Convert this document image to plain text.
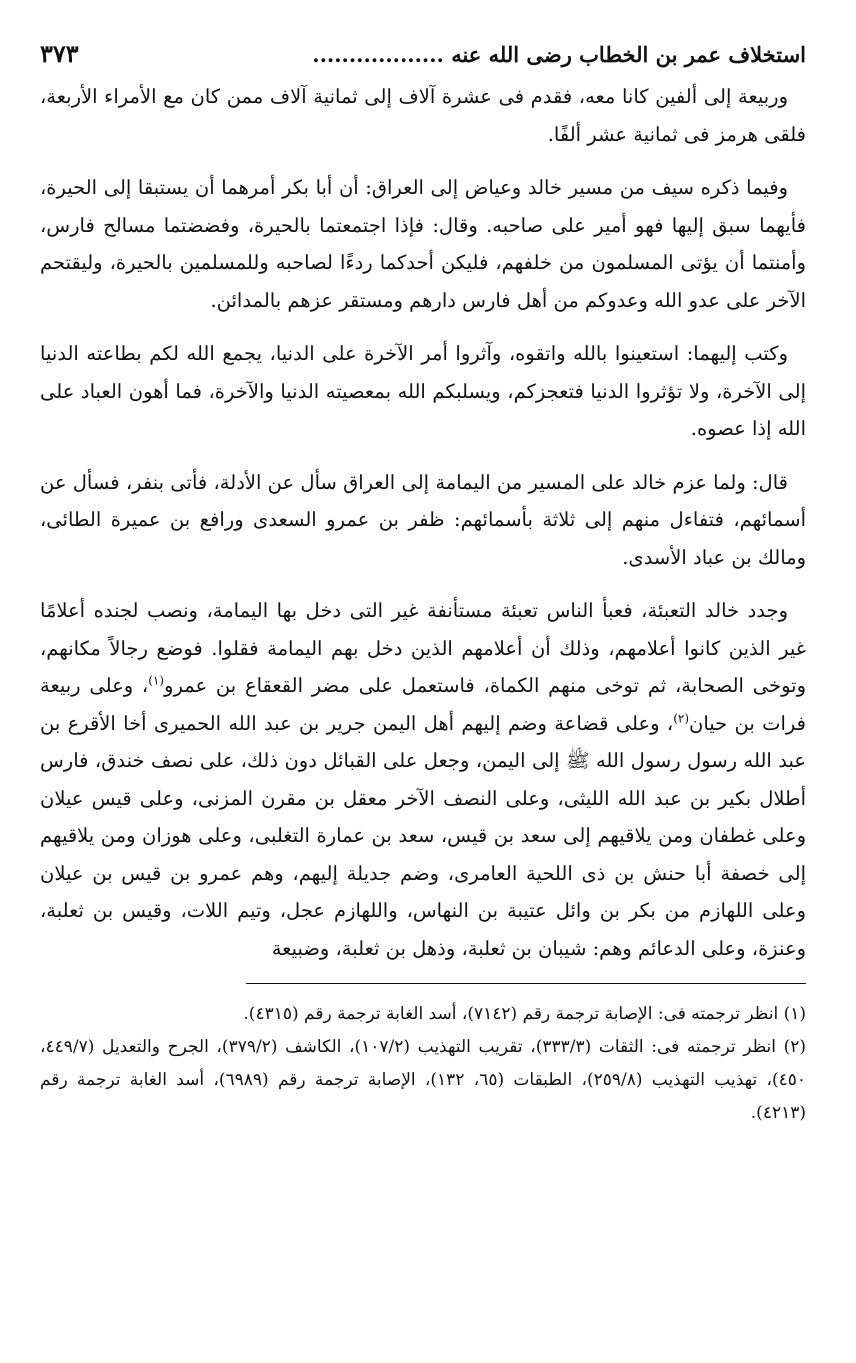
استخلاف عمر بن الخطاب رضى الله عنه ..................
٣٧٣

وربيعة إلى ألفين كانا معه، فقدم فى عشرة آلاف إلى ثمانية آلاف ممن كان مع الأمراء الأربعة، فلقى هرمز فى ثمانية عشر ألفًا.

وفيما ذكره سيف من مسير خالد وعياض إلى العراق: أن أبا بكر أمرهما أن يستبقا إلى الحيرة، فأيهما سبق إليها فهو أمير على صاحبه. وقال: فإذا اجتمعتما بالحيرة، وفضضتما مسالح فارس، وأمنتما أن يؤتى المسلمون من خلفهم، فليكن أحدكما ردءًا لصاحبه وللمسلمين بالحيرة، وليقتحم الآخر على عدو الله وعدوكم من أهل فارس دارهم ومستقر عزهم بالمدائن.

وكتب إليهما: استعينوا بالله واتقوه، وآثروا أمر الآخرة على الدنيا، يجمع الله لكم بطاعته الدنيا إلى الآخرة، ولا تؤثروا الدنيا فتعجزكم، ويسلبكم الله بمعصيته الدنيا والآخرة، فما أهون العباد على الله إذا عصوه.

قال: ولما عزم خالد على المسير من اليمامة إلى العراق سأل عن الأدلة، فأتى بنفر، فسأل عن أسمائهم، فتفاءل منهم إلى ثلاثة بأسمائهم: ظفر بن عمرو السعدى ورافع بن عميرة الطائى، ومالك بن عباد الأسدى.

وجدد خالد التعبئة، فعبأ الناس تعبئة مستأنفة غير التى دخل بها اليمامة، ونصب لجنده أعلامًا غير الذين كانوا أعلامهم، وذلك أن أعلامهم الذين دخل بهم اليمامة فقلوا. فوضع رجالاً مكانهم، وتوخى الصحابة، ثم توخى منهم الكماة، فاستعمل على مضر القعقاع بن عمرو$^{(١)}$، وعلى ربيعة فرات بن حيان$^{(٢)}$، وعلى قضاعة وضم إليهم أهل اليمن جرير بن عبد الله الحميرى أخا الأقرع بن عبد الله رسول رسول الله ﷺ إلى اليمن، وجعل على القبائل دون ذلك، على نصف خندق، فارس أطلال بكير بن عبد الله الليثى، وعلى النصف الآخر معقل بن مقرن المزنى، وعلى قيس عيلان وعلى غطفان ومن يلاقيهم إلى سعد بن قيس، سعد بن عمارة التغلبى، وعلى هوزان ومن يلاقيهم إلى خصفة أبا حنش بن ذى اللحية العامرى، وضم جديلة إليهم، وهم عمرو بن قيس بن عيلان وعلى اللهازم من بكر بن وائل عتيبة بن النهاس، واللهازم عجل، وتيم اللات، وقيس بن ثعلبة، وعنزة، وعلى الدعائم وهم: شيبان بن ثعلبة، وذهل بن ثعلبة، وضبيعة

(١) انظر ترجمته فى: الإصابة ترجمة رقم (٧١٤٢)، أسد الغابة ترجمة رقم (٤٣١٥).

(٢) انظر ترجمته فى: الثقات (٣٣٣/٣)، تقريب التهذيب (١٠٧/٢)، الكاشف (٣٧٩/٢)، الجرح والتعديل (٤٤٩/٧، ٤٥٠)، تهذيب التهذيب (٢٥٩/٨)، الطبقات (٦٥، ١٣٢)، الإصابة ترجمة رقم (٦٩٨٩)، أسد الغابة ترجمة رقم (٤٢١٣).
